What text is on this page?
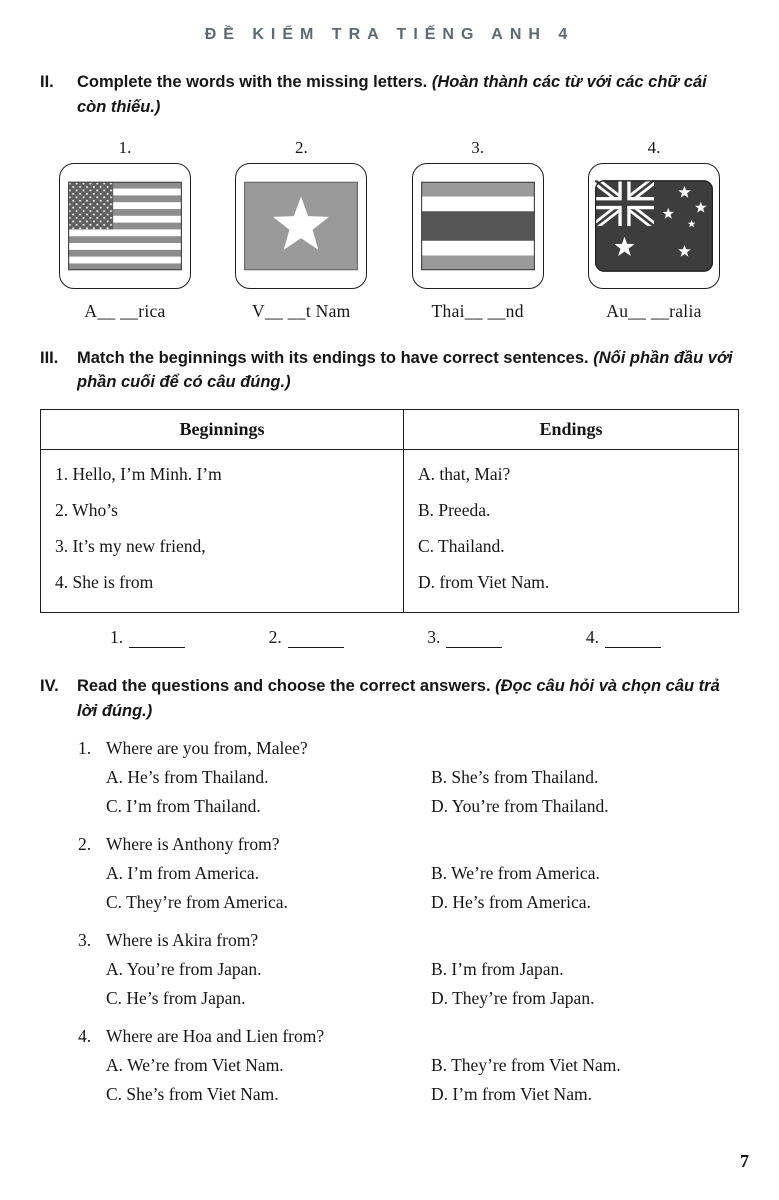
ĐỀ KIỂM TRA TIẾNG ANH 4
II.	Complete the words with the missing letters. (Hoàn thành các từ với các chữ cái còn thiếu.)
1.
A__ __rica
2.
V__ __t Nam
3.
Thai__ __nd
4.
Au__ __ralia
III.	Match the beginnings with its endings to have correct sentences. (Nối phần đầu với phần cuối để có câu đúng.)
Beginnings	Endings

1. Hello, I’m Minh. I’m
2. Who’s
3. It’s my new friend,
4. She is from

A. that, Mai?
B. Preeda.
C. Thailand.
D. from Viet Nam.
1.	2.	3.	4.
IV.	Read the questions and choose the correct answers. (Đọc câu hỏi và chọn câu trả lời đúng.)
1. Where are you from, Malee?
A. He’s from Thailand.	B. She’s from Thailand.
C. I’m from Thailand.	D. You’re from Thailand.
2. Where is Anthony from?
A. I’m from America.	B. We’re from America.
C. They’re from America.	D. He’s from America.
3. Where is Akira from?
A. You’re from Japan.	B. I’m from Japan.
C. He’s from Japan.	D. They’re from Japan.
4. Where are Hoa and Lien from?
A. We’re from Viet Nam.	B. They’re from Viet Nam.
C. She’s from Viet Nam.	D. I’m from Viet Nam.
7
